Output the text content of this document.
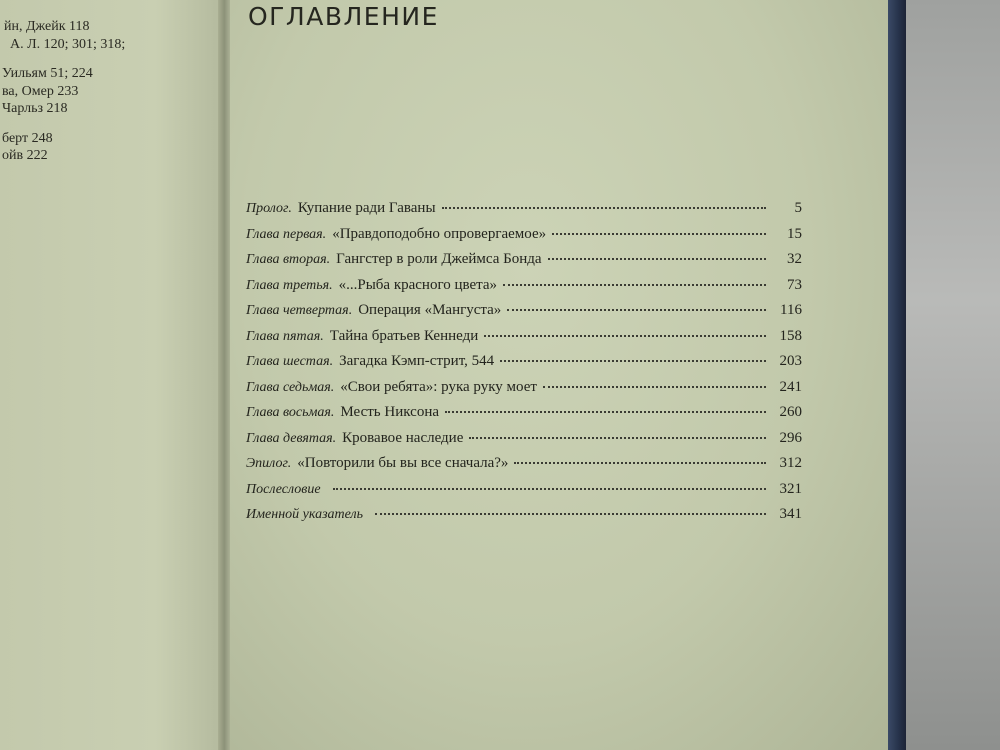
йн, Джейк 118
А. Л. 120; 301; 318;
Уильям 51; 224
ва, Омер 233
Чарльз 218
берт 248
ойв 222
ОГЛАВЛЕНИЕ
Пролог. Купание ради Гаваны	5
Глава первая. «Правдоподобно опровергаемое»	15
Глава вторая. Гангстер в роли Джеймса Бонда	32
Глава третья. «...Рыба красного цвета»	73
Глава четвертая. Операция «Мангуста»	116
Глава пятая. Тайна братьев Кеннеди	158
Глава шестая. Загадка Кэмп-стрит, 544	203
Глава седьмая. «Свои ребята»: рука руку моет	241
Глава восьмая. Месть Никсона	260
Глава девятая. Кровавое наследие	296
Эпилог. «Повторили бы вы все сначала?»	312
Послесловие	321
Именной указатель	341
